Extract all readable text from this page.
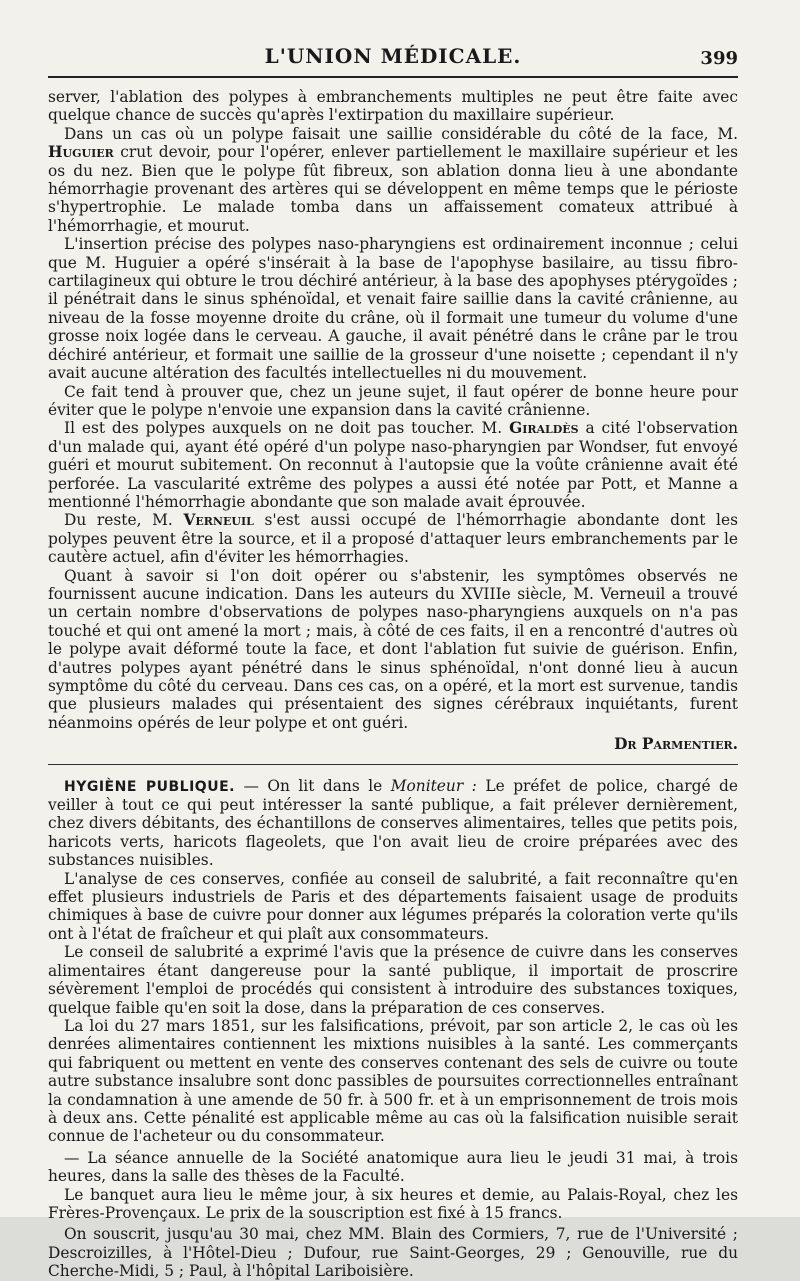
L'UNION MÉDICALE.	399

server, l'ablation des polypes à embranchements multiples ne peut être faite avec quelque chance de succès qu'après l'extirpation du maxillaire supérieur.

Dans un cas où un polype faisait une saillie considérable du côté de la face, M. Huguier crut devoir, pour l'opérer, enlever partiellement le maxillaire supérieur et les os du nez. Bien que le polype fût fibreux, son ablation donna lieu à une abondante hémorrhagie provenant des artères qui se développent en même temps que le périoste s'hypertrophie. Le malade tomba dans un affaissement comateux attribué à l'hémorrhagie, et mourut.

L'insertion précise des polypes naso-pharyngiens est ordinairement inconnue ; celui que M. Huguier a opéré s'insérait à la base de l'apophyse basilaire, au tissu fibro-cartilagineux qui obture le trou déchiré antérieur, à la base des apophyses ptérygoïdes ; il pénétrait dans le sinus sphénoïdal, et venait faire saillie dans la cavité crânienne, au niveau de la fosse moyenne droite du crâne, où il formait une tumeur du volume d'une grosse noix logée dans le cerveau. A gauche, il avait pénétré dans le crâne par le trou déchiré antérieur, et formait une saillie de la grosseur d'une noisette ; cependant il n'y avait aucune altération des facultés intellectuelles ni du mouvement.

Ce fait tend à prouver que, chez un jeune sujet, il faut opérer de bonne heure pour éviter que le polype n'envoie une expansion dans la cavité crânienne.

Il est des polypes auxquels on ne doit pas toucher. M. Giraldès a cité l'observation d'un malade qui, ayant été opéré d'un polype naso-pharyngien par Wondser, fut envoyé guéri et mourut subitement. On reconnut à l'autopsie que la voûte crânienne avait été perforée. La vascularité extrême des polypes a aussi été notée par Pott, et Manne a mentionné l'hémorrhagie abondante que son malade avait éprouvée.

Du reste, M. Verneuil s'est aussi occupé de l'hémorrhagie abondante dont les polypes peuvent être la source, et il a proposé d'attaquer leurs embranchements par le cautère actuel, afin d'éviter les hémorrhagies.

Quant à savoir si l'on doit opérer ou s'abstenir, les symptômes observés ne fournissent aucune indication. Dans les auteurs du XVIIIe siècle, M. Verneuil a trouvé un certain nombre d'observations de polypes naso-pharyngiens auxquels on n'a pas touché et qui ont amené la mort ; mais, à côté de ces faits, il en a rencontré d'autres où le polype avait déformé toute la face, et dont l'ablation fut suivie de guérison. Enfin, d'autres polypes ayant pénétré dans le sinus sphénoïdal, n'ont donné lieu à aucun symptôme du côté du cerveau. Dans ces cas, on a opéré, et la mort est survenue, tandis que plusieurs malades qui présentaient des signes cérébraux inquiétants, furent néanmoins opérés de leur polype et ont guéri.

Dr Parmentier.

HYGIÈNE PUBLIQUE. — On lit dans le Moniteur : Le préfet de police, chargé de veiller à tout ce qui peut intéresser la santé publique, a fait prélever dernièrement, chez divers débitants, des échantillons de conserves alimentaires, telles que petits pois, haricots verts, haricots flageolets, que l'on avait lieu de croire préparées avec des substances nuisibles.

L'analyse de ces conserves, confiée au conseil de salubrité, a fait reconnaître qu'en effet plusieurs industriels de Paris et des départements faisaient usage de produits chimiques à base de cuivre pour donner aux légumes préparés la coloration verte qu'ils ont à l'état de fraîcheur et qui plaît aux consommateurs.

Le conseil de salubrité a exprimé l'avis que la présence de cuivre dans les conserves alimentaires étant dangereuse pour la santé publique, il importait de proscrire sévèrement l'emploi de procédés qui consistent à introduire des substances toxiques, quelque faible qu'en soit la dose, dans la préparation de ces conserves.

La loi du 27 mars 1851, sur les falsifications, prévoit, par son article 2, le cas où les denrées alimentaires contiennent les mixtions nuisibles à la santé. Les commerçants qui fabriquent ou mettent en vente des conserves contenant des sels de cuivre ou toute autre substance insalubre sont donc passibles de poursuites correctionnelles entraînant la condamnation à une amende de 50 fr. à 500 fr. et à un emprisonnement de trois mois à deux ans. Cette pénalité est applicable même au cas où la falsification nuisible serait connue de l'acheteur ou du consommateur.

— La séance annuelle de la Société anatomique aura lieu le jeudi 31 mai, à trois heures, dans la salle des thèses de la Faculté.

Le banquet aura lieu le même jour, à six heures et demie, au Palais-Royal, chez les Frères-Provençaux. Le prix de la souscription est fixé à 15 francs.

On souscrit, jusqu'au 30 mai, chez MM. Blain des Cormiers, 7, rue de l'Université ; Descroizilles, à l'Hôtel-Dieu ; Dufour, rue Saint-Georges, 29 ; Genouville, rue du Cherche-Midi, 5 ; Paul, à l'hôpital Lariboisière.
